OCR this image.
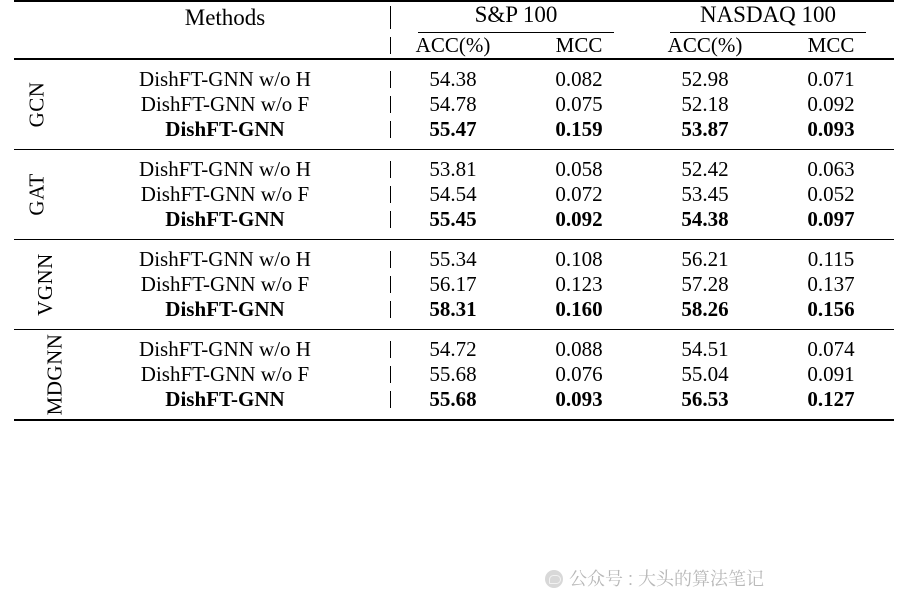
	Methods	S&P 100		NASDAQ 100	

		ACC(%)	MCC	ACC(%)	MCC

GCN	DishFT-GNN w/o H	54.38	0.082	52.98	0.071
	DishFT-GNN w/o F	54.78	0.075	52.18	0.092
	DishFT-GNN	55.47	0.159	53.87	0.093

GAT	DishFT-GNN w/o H	53.81	0.058	52.42	0.063
	DishFT-GNN w/o F	54.54	0.072	53.45	0.052
	DishFT-GNN	55.45	0.092	54.38	0.097

VGNN	DishFT-GNN w/o H	55.34	0.108	56.21	0.115
	DishFT-GNN w/o F	56.17	0.123	57.28	0.137
	DishFT-GNN	58.31	0.160	58.26	0.156

MDGNN	DishFT-GNN w/o H	54.72	0.088	54.51	0.074
	DishFT-GNN w/o F	55.68	0.076	55.04	0.091
	DishFT-GNN	55.68	0.093	56.53	0.127

公众号 : 大头的算法笔记
